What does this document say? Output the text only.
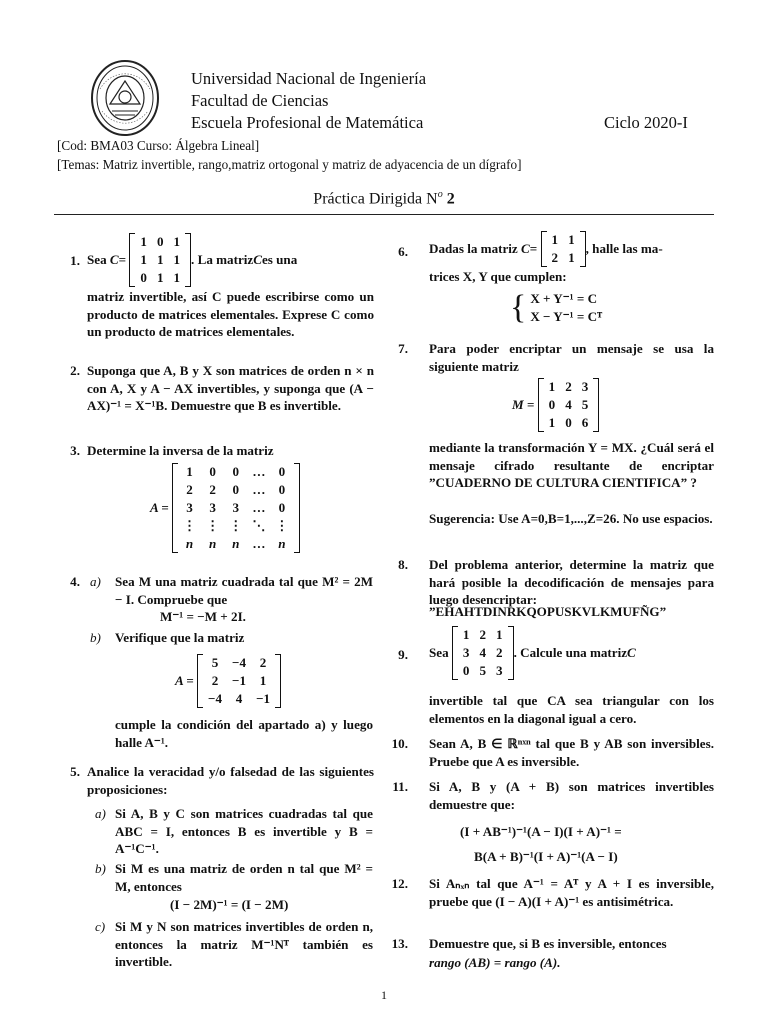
Universidad Nacional de Ingeniería
Facultad de Ciencias
Escuela Profesional de Matemática	Ciclo 2020-I
[Cod: BMA03 Curso: Álgebra Lineal]
[Temas: Matriz invertible, rango,matriz ortogonal y matriz de adyacencia de un dígrafo]
Práctica Dirigida $N^o$ 2
1. Sea
C =

1	0	1
1	1	1
0	1	1
. La matriz C es una

matriz invertible, así C puede escribirse como un producto de matrices elementales. Exprese C como un producto de matrices elementales.

2. Suponga que A, B y X son matrices de orden n × n con A, X y A − AX invertibles, y suponga que (A − AX)⁻¹ = X⁻¹B. Demuestre que B es invertible.

3. Determine la inversa de la matriz

A =

1	0	0	…	0
2	2	0	…	0
3	3	3	…	0
⋮	⋮	⋮	⋱	⋮
n	n	n	…	n
4. a)	Sea M una matriz cuadrada tal que M² = 2M − I. Compruebe que

M⁻¹ = −M + 2I.

b)	Verifique que la matriz

A =

5	−4	2
2	−1	1
−4	4	−1

cumple la condición del apartado a) y luego halle A⁻¹.

5. Analice la veracidad y/o falsedad de las siguientes proposiciones:

a) Si A, B y C son matrices cuadradas tal que ABC = I, entonces B es invertible y B = A⁻¹C⁻¹.

b) Si M es una matriz de orden n tal que M² = M, entonces

(I − 2M)⁻¹ = (I − 2M)

c) Si M y N son matrices invertibles de orden n, entonces la matriz M⁻¹Nᵀ también es invertible.

6. Dadas la matriz
C =

1	1
2	1
, halle las ma-

trices X, Y que cumplen:

{ X + Y⁻¹ = C
X − Y⁻¹ = Cᵀ
7. Para poder encriptar un mensaje se usa la siguiente matriz

M =

1	2	3
0	4	5
1	0	6

mediante la transformación Y = MX. ¿Cuál será el mensaje cifrado resultante de encriptar ”CUADERNO DE CULTURA CIENTIFICA” ?

Sugerencia: Use A=0,B=1,...,Z=26. No use espacios.

8. Del problema anterior, determine la matriz que hará posible la decodificación de mensajes para luego desencriptar:

”EHAHTDINRKQOPUSKVLKMUFÑG”

9. Sea

1	2	1
3	4	2
0	5	3
. Calcule una matriz C

invertible tal que CA sea triangular con los elementos en la diagonal igual a cero.

10. Sean A, B ∈ ℝⁿˣⁿ tal que B y AB son inversibles. Pruebe que A es inversible.

11. Si A, B y (A + B) son matrices invertibles demuestre que:

(I + AB⁻¹)⁻¹(A − I)(I + A)⁻¹ =

B(A + B)⁻¹(I + A)⁻¹(A − I)

12. Si Aₙₓₙ tal que A⁻¹ = Aᵀ y A + I es inversible, pruebe que (I − A)(I + A)⁻¹ es antisimétrica.

13. Demuestre que, si B es inversible, entonces

rango (AB) = rango (A).

1
